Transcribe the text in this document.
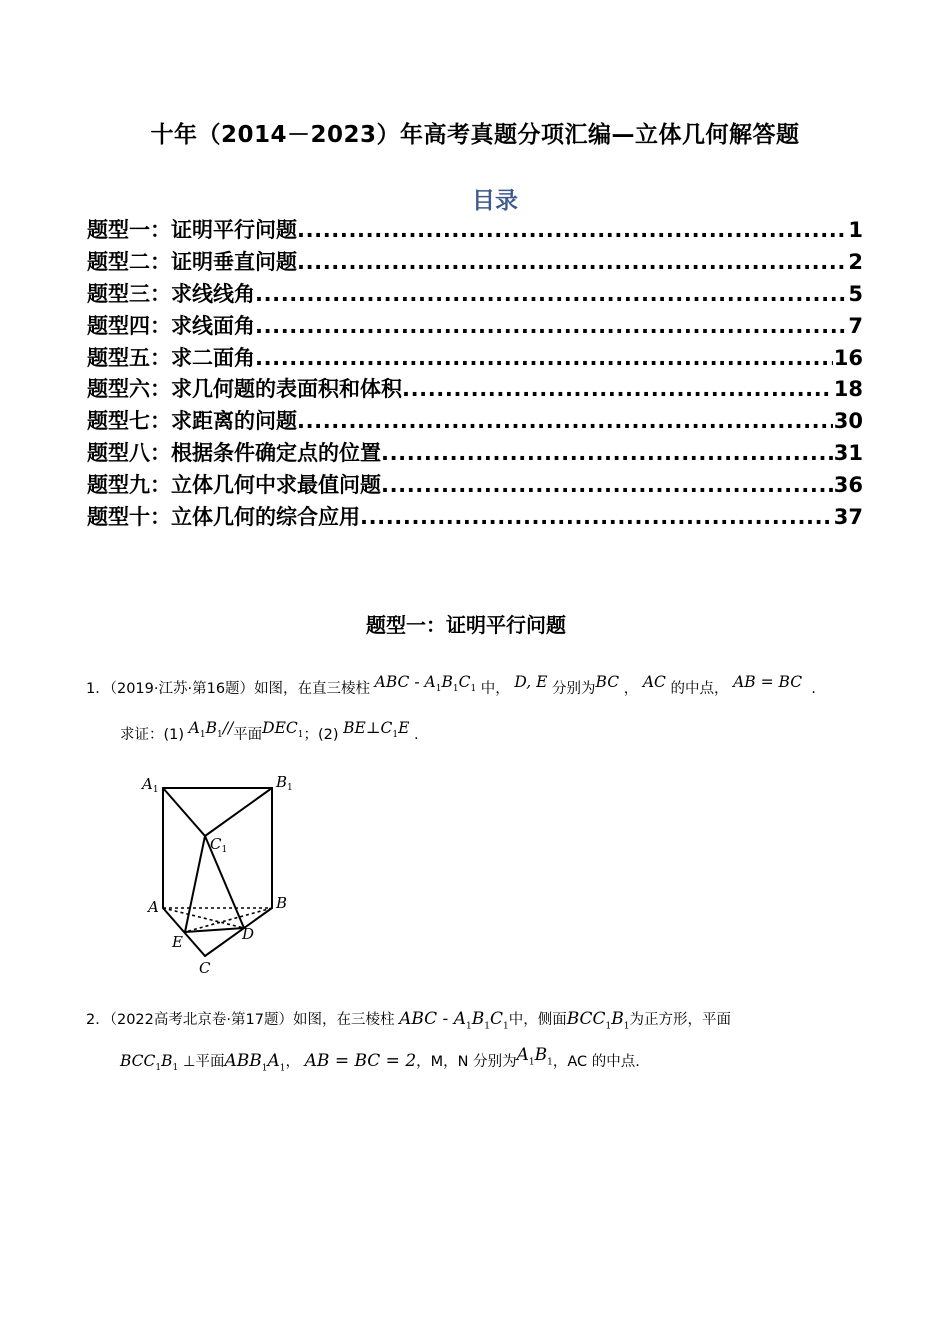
十年（2014－2023）年高考真题分项汇编—立体几何解答题
目录
题型一：证明平行问题 .....	1
题型二：证明垂直问题 .....	2
题型三：求线线角 .....	5
题型四：求线面角 .....	7
题型五：求二面角 .....	16
题型六：求几何题的表面积和体积 .....	18
题型七：求距离的问题 .....	30
题型八：根据条件确定点的位置 .....	31
题型九：立体几何中求最值问题 .....	36
题型十：立体几何的综合应用 .....	37
题型一：证明平行问题
1．（2019·江苏·第16题）如图，在直三棱柱 ABC - $A_1B_1C_1$ 中， D, E 分别为BC ， AC 的中点， AB = BC .
求证：(1) $A_1B_1//$平面$DEC_1$；(2) $BE\perp C_1E$ .
$A_1$	$B_1$
$C_1$
A	B
E	D
C
2．（2022高考北京卷·第17题）如图，在三棱柱 ABC - $A_1B_1C_1$中，侧面$BCC_1B_1$为正方形，平面
$BCC_1B_1$ ⊥平面$ABB_1A_1$， AB = BC = 2，M，N 分别为$A_1B_1$，AC 的中点.
